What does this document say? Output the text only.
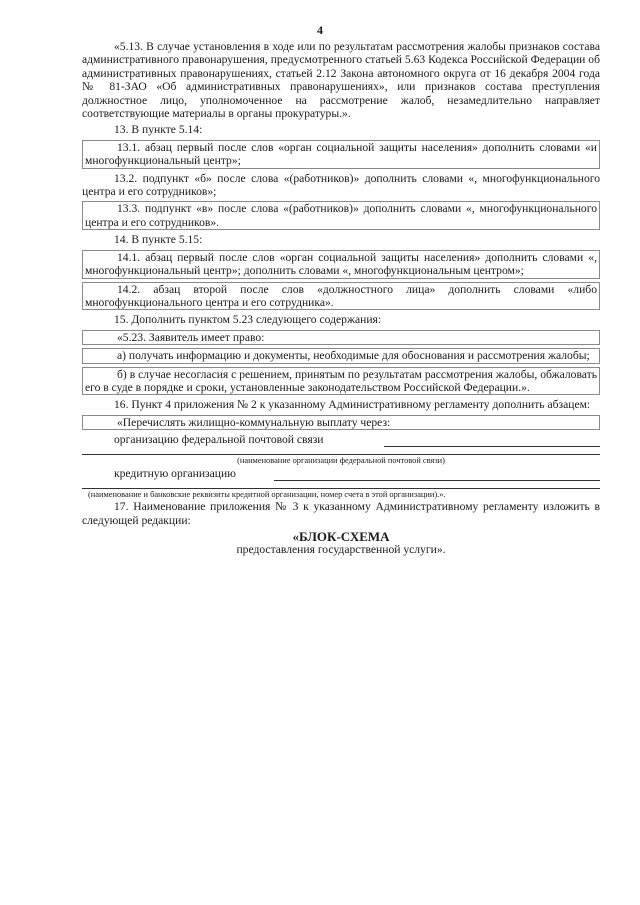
4

«5.13. В случае установления в ходе или по результатам рассмотрения жалобы признаков состава административного правонарушения, предусмотренного статьей 5.63 Кодекса Российской Федерации об административных правонарушениях, статьей 2.12 Закона автономного округа от 16 декабря 2004 года № 81-ЗАО «Об административных правонарушениях», или признаков состава преступления должностное лицо, уполномоченное на рассмотрение жалоб, незамедлительно направляет соответствующие материалы в органы прокуратуры.».

13. В пункте 5.14:

13.1. абзац первый после слов «орган социальной защиты населения» дополнить словами «и многофункциональный центр»;

13.2. подпункт «б» после слова «(работников)» дополнить словами «, многофункционального центра и его сотрудников»;

13.3. подпункт «в» после слова «(работников)» дополнить словами «, многофункционального центра и его сотрудников».

14. В пункте 5.15:

14.1. абзац первый после слов «орган социальной защиты населения» дополнить словами «, многофункциональный центр»; дополнить словами «, многофункциональным центром»;

14.2. абзац второй после слов «должностного лица» дополнить словами «либо многофункционального центра и его сотрудника».

15. Дополнить пунктом 5.23 следующего содержания:

«5.23. Заявитель имеет право:

а) получать информацию и документы, необходимые для обоснования и рассмотрения жалобы;

б) в случае несогласия с решением, принятым по результатам рассмотрения жалобы, обжаловать его в суде в порядке и сроки, установленные законодательством Российской Федерации.».

16. Пункт 4 приложения № 2 к указанному Административному регламенту дополнить абзацем:

«Перечислять жилищно-коммунальную выплату через:

организацию федеральной почтовой связи

(наименование организации федеральной почтовой связи)

кредитную организацию

(наименование и банковские реквизиты кредитной организации, номер счета в этой организации).».

17. Наименование приложения № 3 к указанному Административному регламенту изложить в следующей редакции:

«БЛОК-СХЕМА
предоставления государственной услуги».
